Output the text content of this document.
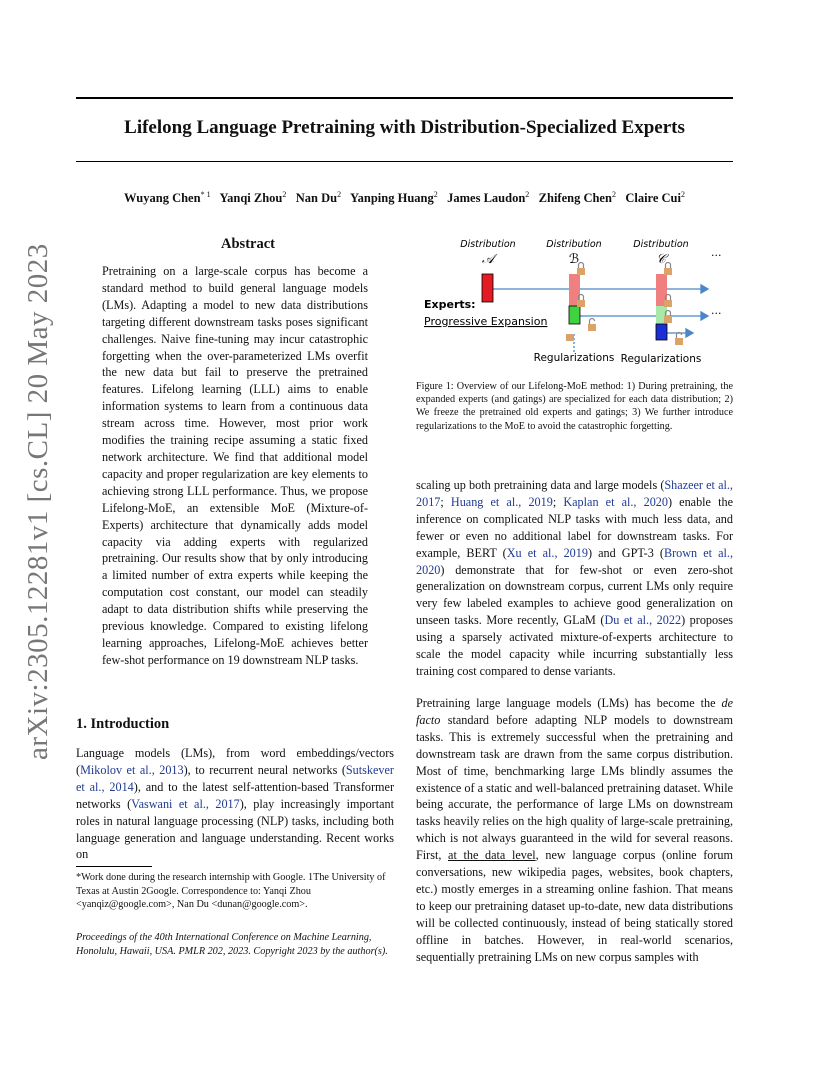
Lifelong Language Pretraining with Distribution-Specialized Experts
Wuyang Chen$^{* 1}$ Yanqi Zhou$^2$ Nan Du$^2$ Yanping Huang$^2$ James Laudon$^2$ Zhifeng Chen$^2$ Claire Cui$^2$
arXiv:2305.12281v1 [cs.CL] 20 May 2023	Abstract
Pretraining on a large-scale corpus has become a standard method to build general language models (LMs). Adapting a model to new data distributions targeting different downstream tasks poses significant challenges. Naive fine-tuning may incur catastrophic forgetting when the over-parameterized LMs overfit the new data but fail to preserve the pretrained features. Lifelong learning (LLL) aims to enable information systems to learn from a continuous data stream across time. However, most prior work modifies the training recipe assuming a static fixed network architecture. We find that additional model capacity and proper regularization are key elements to achieving strong LLL performance. Thus, we propose Lifelong-MoE, an extensible MoE (Mixture-of-Experts) architecture that dynamically adds model capacity via adding experts with regularized pretraining. Our results show that by only introducing a limited number of extra experts while keeping the computation cost constant, our model can steadily adapt to data distribution shifts while preserving the previous knowledge. Compared to existing lifelong learning approaches, Lifelong-MoE achieves better few-shot performance on 19 downstream NLP tasks.
1. Introduction
Language models (LMs), from word embeddings/vectors (Mikolov et al., 2013), to recurrent neural networks (Sutskever et al., 2014), and to the latest self-attention-based Transformer networks (Vaswani et al., 2017), play increasingly important roles in natural language processing (NLP) tasks, including both language generation and language understanding. Recent works on
*Work done during the research internship with Google. 1The University of Texas at Austin 2Google. Correspondence to: Yanqi Zhou <yanqiz@google.com>, Nan Du <dunan@google.com>.
Proceedings of the 40th International Conference on Machine Learning, Honolulu, Hawaii, USA. PMLR 202, 2023. Copyright 2023 by the author(s).
Distribution	Distribution	Distribution
𝒜	ℬ	𝒞	...
...
Experts:
Progressive Expansion
Regularizations Regularizations
Figure 1: Overview of our Lifelong-MoE method: 1) During pretraining, the expanded experts (and gatings) are specialized for each data distribution; 2) We freeze the pretrained old experts and gatings; 3) We further introduce regularizations to the MoE to avoid the catastrophic forgetting.
scaling up both pretraining data and large models (Shazeer et al., 2017; Huang et al., 2019; Kaplan et al., 2020) enable the inference on complicated NLP tasks with much less data, and fewer or even no additional label for downstream tasks. For example, BERT (Xu et al., 2019) and GPT-3 (Brown et al., 2020) demonstrate that for few-shot or even zero-shot generalization on downstream corpus, current LMs only require very few labeled examples to achieve good generalization on unseen tasks. More recently, GLaM (Du et al., 2022) proposes using a sparsely activated mixture-of-experts architecture to scale the model capacity while incurring substantially less training cost compared to dense variants.
Pretraining large language models (LMs) has become the de facto standard before adapting NLP models to downstream tasks. This is extremely successful when the pretraining and downstream task are drawn from the same corpus distribution. Most of time, benchmarking large LMs blindly assumes the existence of a static and well-balanced pretraining dataset. While being accurate, the performance of large LMs on downstream tasks heavily relies on the high quality of large-scale pretraining, which is not always guaranteed in the wild for several reasons. First, at the data level, new language corpus (online forum conversations, new wikipedia pages, websites, book chapters, etc.) mostly emerges in a streaming online fashion. That means to keep our pretraining dataset up-to-date, new data distributions will be collected continuously, instead of being statically stored offline in batches. However, in real-world scenarios, sequentially pretraining LMs on new corpus samples with
